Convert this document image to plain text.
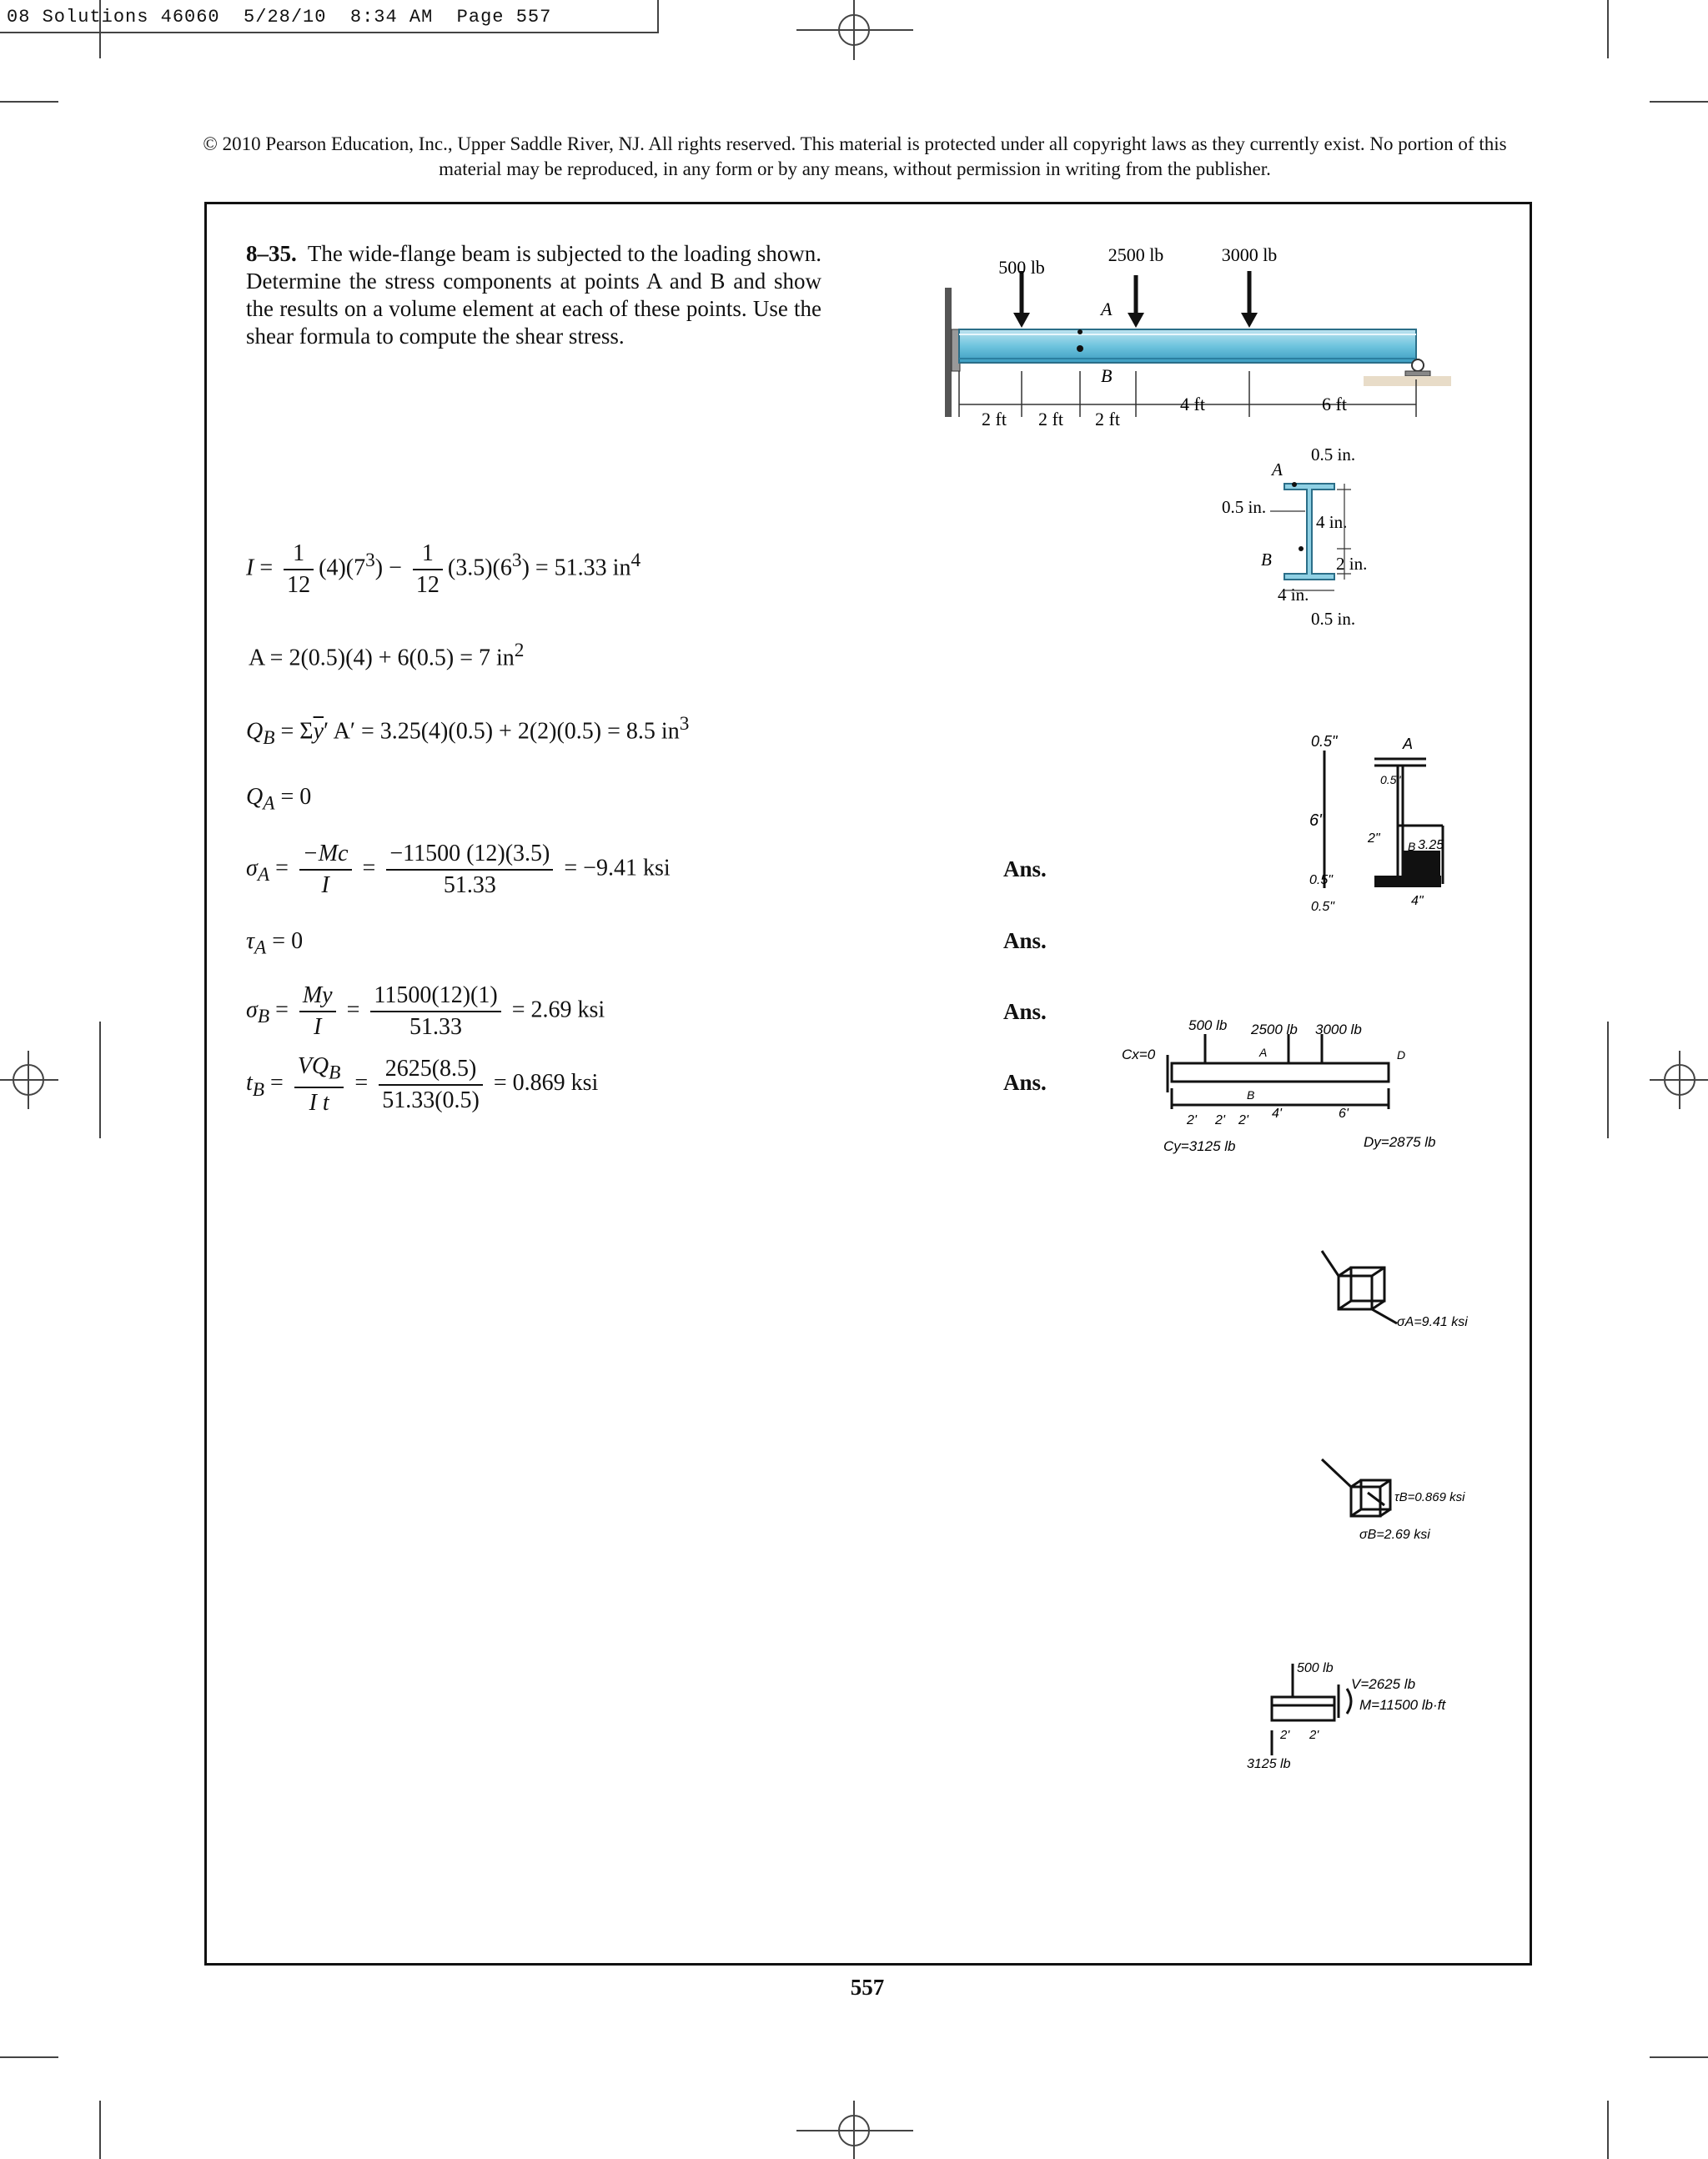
08 Solutions 46060  5/28/10  8:34 AM  Page 557
© 2010 Pearson Education, Inc., Upper Saddle River, NJ. All rights reserved. This material is protected under all copyright laws as they currently exist. No portion of this material may be reproduced, in any form or by any means, without permission in writing from the publisher.
8–35. The wide-flange beam is subjected to the loading shown. Determine the stress components at points A and B and show the results on a volume element at each of these points. Use the shear formula to compute the shear stress.
500 lb
2500 lb	3000 lb
A
B
2 ft 2 ft 2 ft
4 ft	6 ft
A
B
0.5 in.
0.5 in.
4 in.
2 in.
4 in.
0.5 in.
$I = \frac{1}{12} (4)(7^3) - \frac{1}{12} (3.5)(6^3) = 51.33$ $in^4$
A = 2(0.5)(4) + 6(0.5) = 7 $in^2$
$Q_B = \Sigma\overline{y}'$ A′ = 3.25(4)(0.5) + 2(2)(0.5) = 8.5 $in^3$
$Q_A = 0$
$\sigma_A = \frac{-Mc}{I} = \frac{-11500 (12)(3.5)}{51.33} = -9.41$ ksi	Ans.
$\tau_A = 0$	Ans.
$\sigma_B = \frac{My}{I} = \frac{11500(12)(1)}{51.33} = 2.69$ ksi	Ans.
$t_B = \frac{VQ_B}{\text{I t}} = \frac{2625(8.5)}{51.33(0.5)} = 0.869$ ksi	Ans.
0.5"	A
0.5"
6"
2"
B 3.25
0.5"
0.5"	4"
500 lb 2500 lb 3000 lb
Cx=0	A
B
D
2' 2' 2' 4'	6'
Cy=3125 lb	Dy=2875 lb
σA=9.41 ksi
τB=0.869 ksi
σB=2.69 ksi
500 lb
V=2625 lb
M=11500 lb·ft
2' 2'
3125 lb
557
